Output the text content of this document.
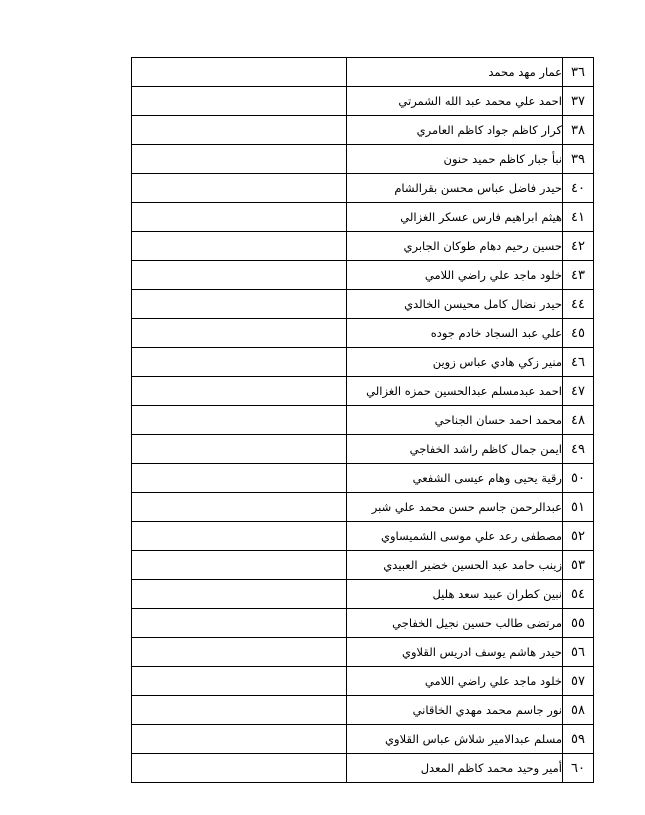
	عمار مهد محمد	٣٦
	احمد علي محمد عبد الله الشمرتي	٣٧
	كرار كاظم جواد كاظم العامري	٣٨
	نبأ جبار كاظم حميد حنون	٣٩
	حيدر فاضل عباس محسن بقرالشام	٤٠
	هيثم ابراهيم فارس عسكر الغزالي	٤١
	حسين رحيم دهام طوكان الجابري	٤٢
	خلود ماجد علي راضي اللامي	٤٣
	حيدر نضال كامل محيسن الخالدي	٤٤
	علي عبد السجاد خادم جوده	٤٥
	منير زكي هادي عباس زوين	٤٦
	احمد عبدمسلم عبدالحسين حمزه الغزالي	٤٧
	محمد احمد حسان الجناحي	٤٨
	ايمن جمال كاظم راشد الخفاجي	٤٩
	رقية يحيى وهام عيسى الشفعي	٥٠
	عبدالرحمن جاسم حسن محمد علي شبر	٥١
	مصطفى رعد علي موسى الشميساوي	٥٢
	زينب حامد عبد الحسين خضير العبيدي	٥٣
	نبين كطران عبيد سعد هليل	٥٤
	مرتضى طالب حسين نجيل الخفاجي	٥٥
	حيدر هاشم يوسف ادريس القلاوي	٥٦
	خلود ماجد علي راضي اللامي	٥٧
	نور جاسم محمد مهدي الخاقاني	٥٨
	مسلم عبدالامير شلاش عباس القلاوي	٥٩
	أمير وحيد محمد كاظم المعدل	٦٠
